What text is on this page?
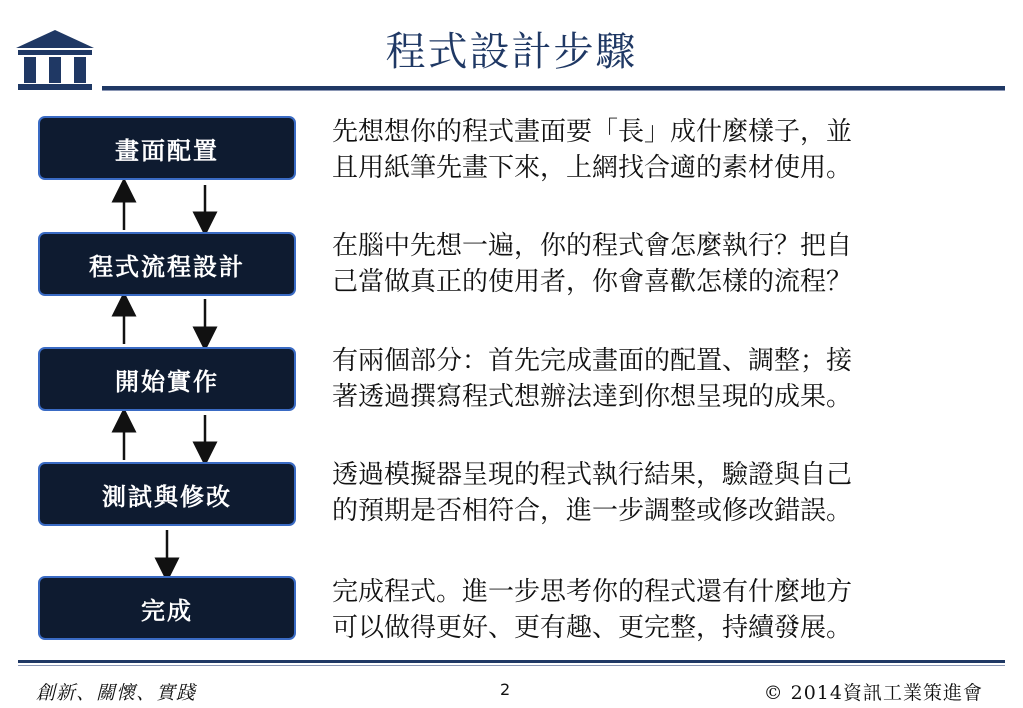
程式設計步驟
畫面配置
程式流程設計
開始實作
測試與修改
完成
先想想你的程式畫面要「長」成什麼樣子，並
且用紙筆先畫下來，上網找合適的素材使用。
在腦中先想一遍，你的程式會怎麼執行？把自
己當做真正的使用者，你會喜歡怎樣的流程？
有兩個部分：首先完成畫面的配置、調整；接
著透過撰寫程式想辦法達到你想呈現的成果。
透過模擬器呈現的程式執行結果，驗證與自己
的預期是否相符合，進一步調整或修改錯誤。
完成程式。進一步思考你的程式還有什麼地方
可以做得更好、更有趣、更完整，持續發展。
創新、關懷、實踐	2	© 2014資訊工業策進會
